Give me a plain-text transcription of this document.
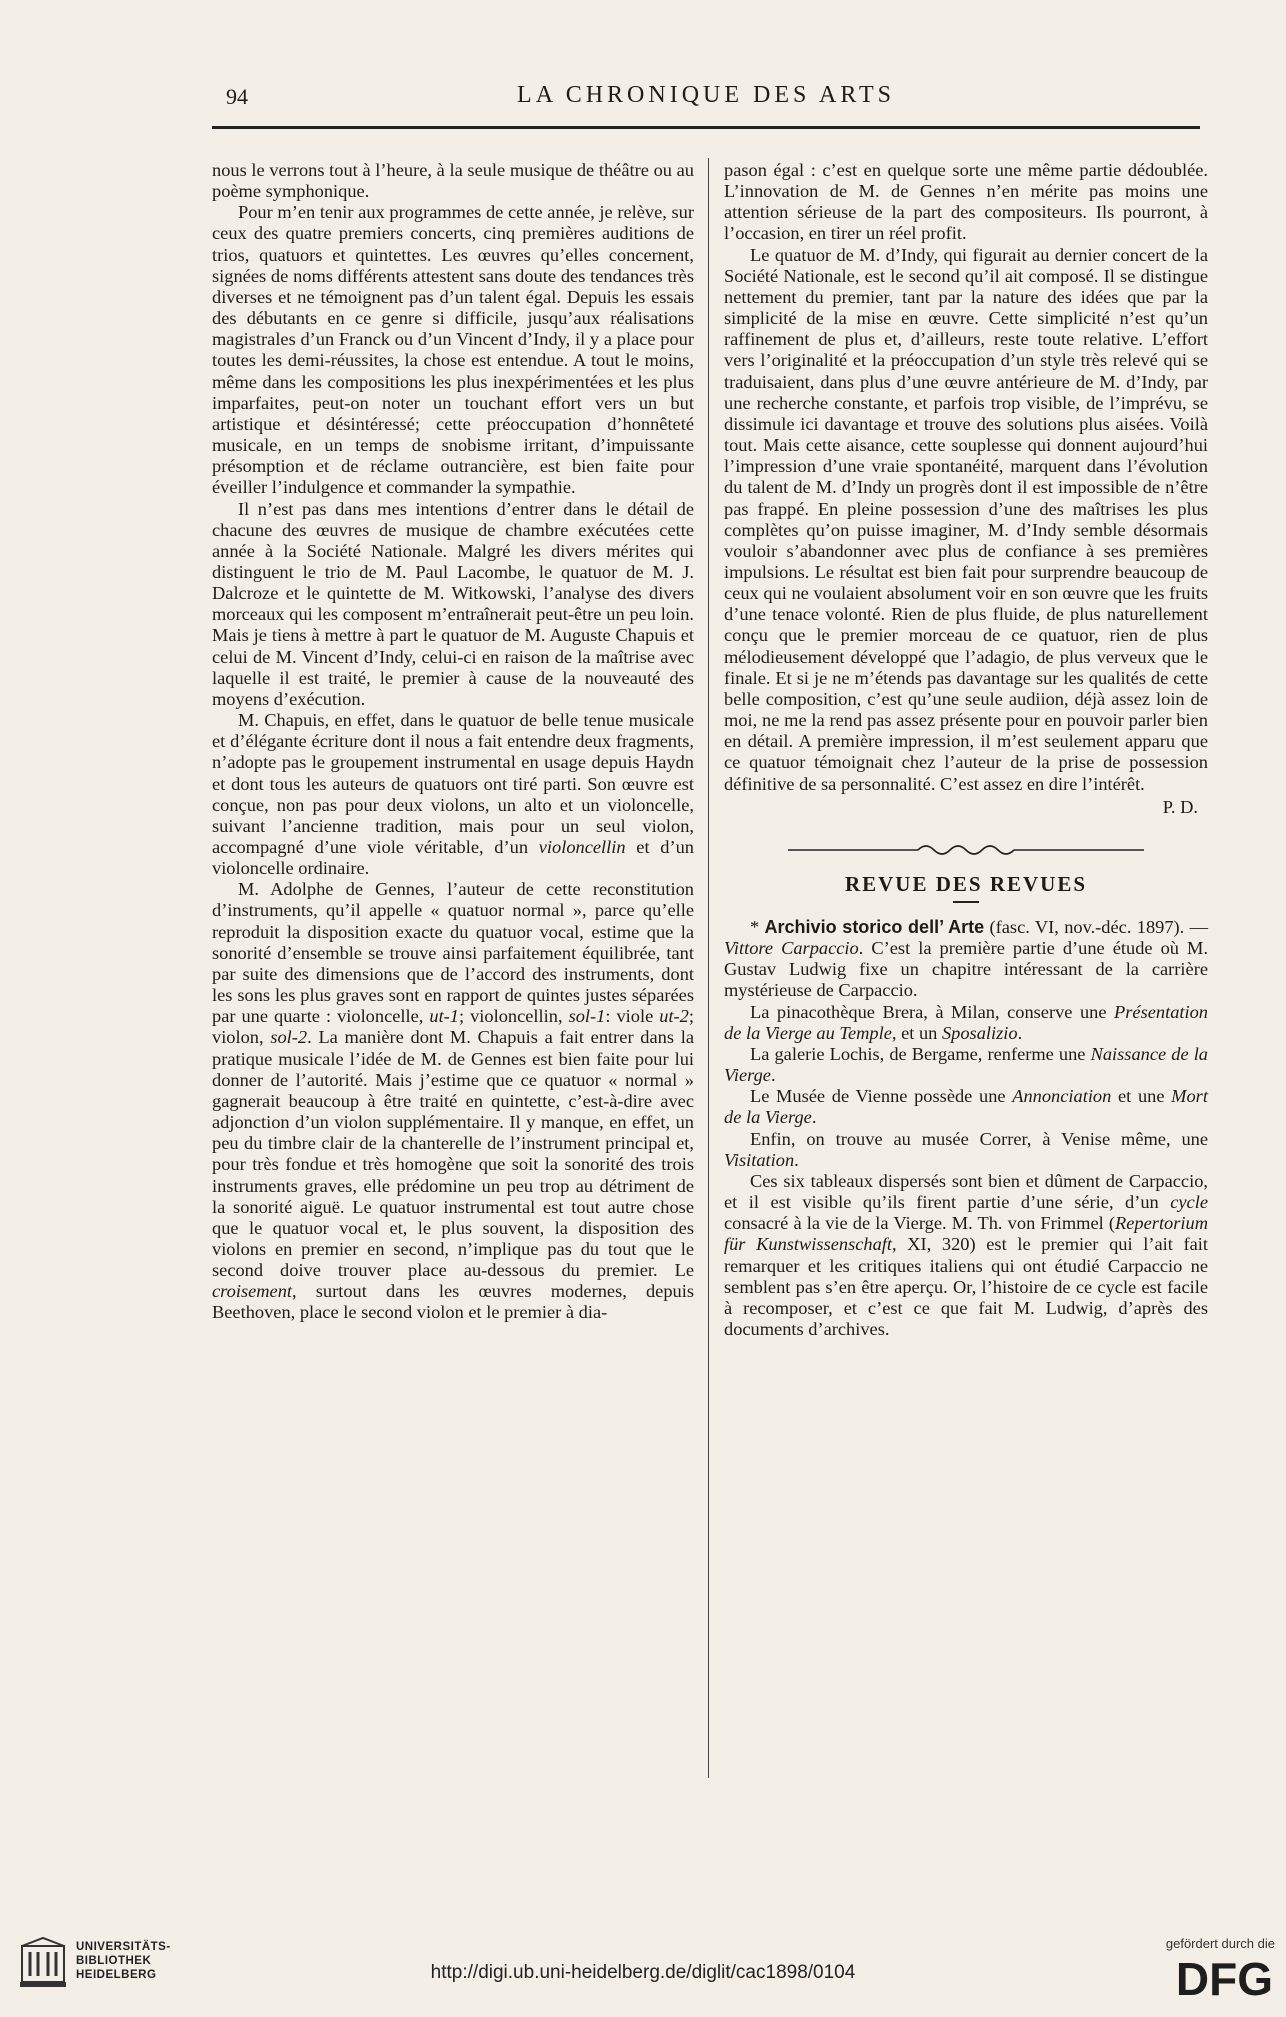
94	LA CHRONIQUE DES ARTS

nous le verrons tout à l’heure, à la seule musique de théâtre ou au poème symphonique.

Pour m’en tenir aux programmes de cette année, je relève, sur ceux des quatre premiers concerts, cinq premières auditions de trios, quatuors et quintettes. Les œuvres qu’elles concernent, signées de noms différents attestent sans doute des tendances très diverses et ne témoignent pas d’un talent égal. Depuis les essais des débutants en ce genre si difficile, jusqu’aux réalisations magistrales d’un Franck ou d’un Vincent d’Indy, il y a place pour toutes les demi-réussites, la chose est entendue. A tout le moins, même dans les compositions les plus inexpérimentées et les plus imparfaites, peut-on noter un touchant effort vers un but artistique et désintéressé; cette préoccupation d’honnêteté musicale, en un temps de snobisme irritant, d’impuissante présomption et de réclame outrancière, est bien faite pour éveiller l’indulgence et commander la sympathie.

Il n’est pas dans mes intentions d’entrer dans le détail de chacune des œuvres de musique de chambre exécutées cette année à la Société Nationale. Malgré les divers mérites qui distinguent le trio de M. Paul Lacombe, le quatuor de M. J. Dalcroze et le quintette de M. Witkowski, l’analyse des divers morceaux qui les composent m’entraînerait peut-être un peu loin. Mais je tiens à mettre à part le quatuor de M. Auguste Chapuis et celui de M. Vincent d’Indy, celui-ci en raison de la maîtrise avec laquelle il est traité, le premier à cause de la nouveauté des moyens d’exécution.

M. Chapuis, en effet, dans le quatuor de belle tenue musicale et d’élégante écriture dont il nous a fait entendre deux fragments, n’adopte pas le groupement instrumental en usage depuis Haydn et dont tous les auteurs de quatuors ont tiré parti. Son œuvre est conçue, non pas pour deux violons, un alto et un violoncelle, suivant l’ancienne tradition, mais pour un seul violon, accompagné d’une viole véritable, d’un violoncellin et d’un violoncelle ordinaire.

M. Adolphe de Gennes, l’auteur de cette reconstitution d’instruments, qu’il appelle « quatuor normal », parce qu’elle reproduit la disposition exacte du quatuor vocal, estime que la sonorité d’ensemble se trouve ainsi parfaitement équilibrée, tant par suite des dimensions que de l’accord des instruments, dont les sons les plus graves sont en rapport de quintes justes séparées par une quarte : violoncelle, ut-1; violoncellin, sol-1: viole ut-2; violon, sol-2. La manière dont M. Chapuis a fait entrer dans la pratique musicale l’idée de M. de Gennes est bien faite pour lui donner de l’autorité. Mais j’estime que ce quatuor « normal » gagnerait beaucoup à être traité en quintette, c’est-à-dire avec adjonction d’un violon supplémentaire. Il y manque, en effet, un peu du timbre clair de la chanterelle de l’instrument principal et, pour très fondue et très homogène que soit la sonorité des trois instruments graves, elle prédomine un peu trop au détriment de la sonorité aiguë. Le quatuor instrumental est tout autre chose que le quatuor vocal et, le plus souvent, la disposition des violons en premier en second, n’implique pas du tout que le second doive trouver place au-dessous du premier. Le croisement, surtout dans les œuvres modernes, depuis Beethoven, place le second violon et le premier à dia-

pason égal : c’est en quelque sorte une même partie dédoublée. L’innovation de M. de Gennes n’en mérite pas moins une attention sérieuse de la part des compositeurs. Ils pourront, à l’occasion, en tirer un réel profit.

Le quatuor de M. d’Indy, qui figurait au dernier concert de la Société Nationale, est le second qu’il ait composé. Il se distingue nettement du premier, tant par la nature des idées que par la simplicité de la mise en œuvre. Cette simplicité n’est qu’un raffinement de plus et, d’ailleurs, reste toute relative. L’effort vers l’originalité et la préoccupation d’un style très relevé qui se traduisaient, dans plus d’une œuvre antérieure de M. d’Indy, par une recherche constante, et parfois trop visible, de l’imprévu, se dissimule ici davantage et trouve des solutions plus aisées. Voilà tout. Mais cette aisance, cette souplesse qui donnent aujourd’hui l’impression d’une vraie spontanéité, marquent dans l’évolution du talent de M. d’Indy un progrès dont il est impossible de n’être pas frappé. En pleine possession d’une des maîtrises les plus complètes qu’on puisse imaginer, M. d’Indy semble désormais vouloir s’abandonner avec plus de confiance à ses premières impulsions. Le résultat est bien fait pour surprendre beaucoup de ceux qui ne voulaient absolument voir en son œuvre que les fruits d’une tenace volonté. Rien de plus fluide, de plus naturellement conçu que le premier morceau de ce quatuor, rien de plus mélodieusement développé que l’adagio, de plus verveux que le finale. Et si je ne m’étends pas davantage sur les qualités de cette belle composition, c’est qu’une seule audiion, déjà assez loin de moi, ne me la rend pas assez présente pour en pouvoir parler bien en détail. A première impression, il m’est seulement apparu que ce quatuor témoignait chez l’auteur de la prise de possession définitive de sa personnalité. C’est assez en dire l’intérêt.

P. D.

REVUE DES REVUES

* Archivio storico dell’ Arte (fasc. VI, nov.-déc. 1897). — Vittore Carpaccio. C’est la première partie d’une étude où M. Gustav Ludwig fixe un chapitre intéressant de la carrière mystérieuse de Carpaccio.

La pinacothèque Brera, à Milan, conserve une Présentation de la Vierge au Temple, et un Sposalizio.

La galerie Lochis, de Bergame, renferme une Naissance de la Vierge.

Le Musée de Vienne possède une Annonciation et une Mort de la Vierge.

Enfin, on trouve au musée Correr, à Venise même, une Visitation.

Ces six tableaux dispersés sont bien et dûment de Carpaccio, et il est visible qu’ils firent partie d’une série, d’un cycle consacré à la vie de la Vierge. M. Th. von Frimmel (Repertorium für Kunstwissenschaft, XI, 320) est le premier qui l’ait fait remarquer et les critiques italiens qui ont étudié Carpaccio ne semblent pas s’en être aperçu. Or, l’histoire de ce cycle est facile à recomposer, et c’est ce que fait M. Ludwig, d’après des documents d’archives.

UNIVERSITÄTS-
BIBLIOTHEK
HEIDELBERG	http://digi.ub.uni-heidelberg.de/diglit/cac1898/0104
gefördert durch die
DFG
